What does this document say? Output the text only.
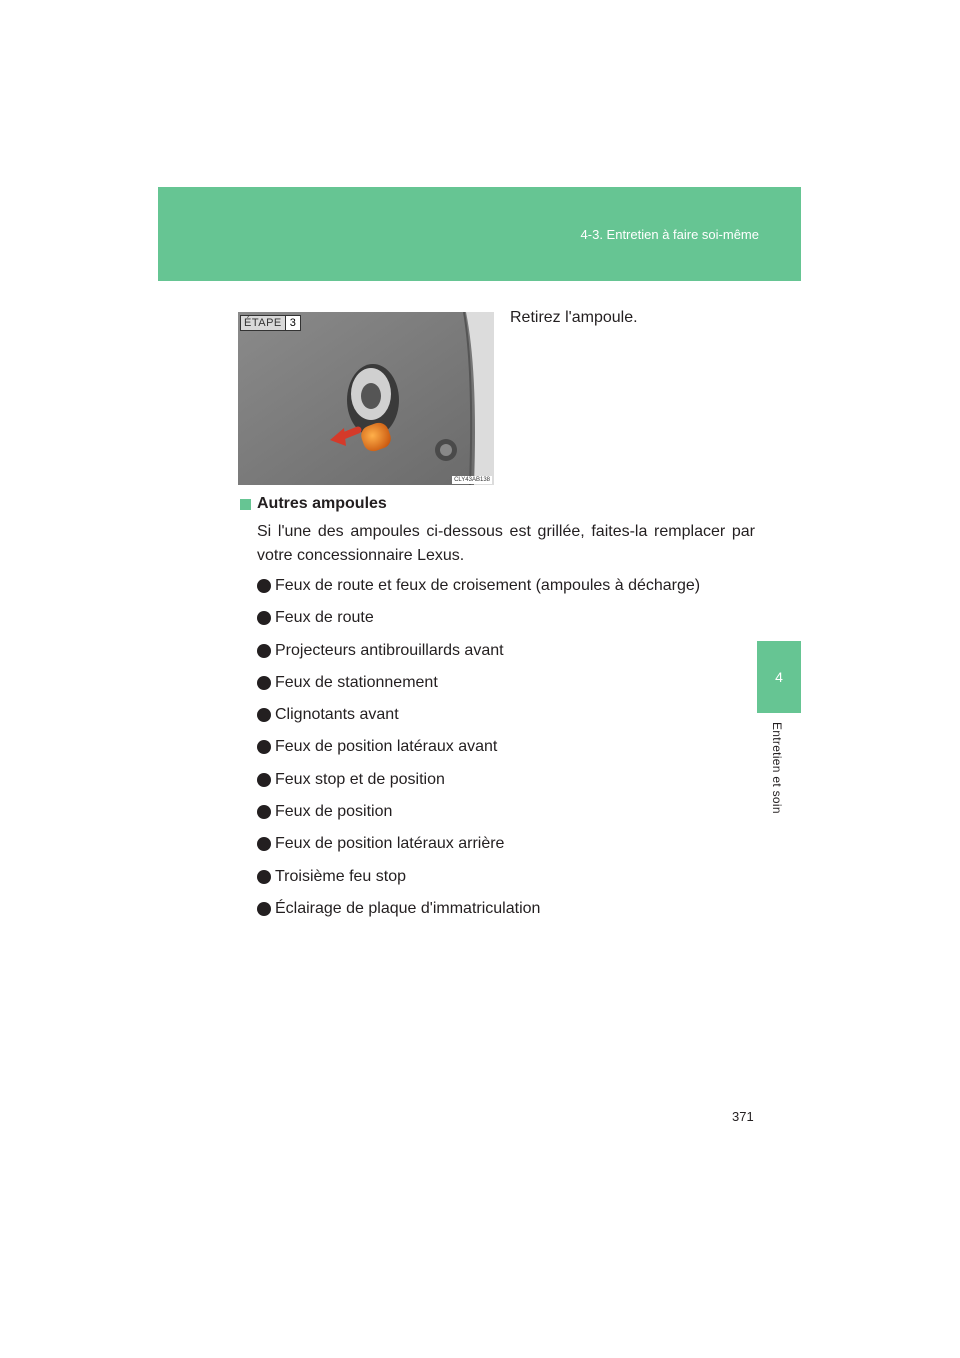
4-3. Entretien à faire soi-même
4
Entretien et soin
ÉTAPE 3
CLY43AB138
Retirez l'ampoule.
Autres ampoules
Si l'une des ampoules ci-dessous est grillée, faites-la remplacer par votre concessionnaire Lexus.
Feux de route et feux de croisement (ampoules à décharge)
Feux de route
Projecteurs antibrouillards avant
Feux de stationnement
Clignotants avant
Feux de position latéraux avant
Feux stop et de position
Feux de position
Feux de position latéraux arrière
Troisième feu stop
Éclairage de plaque d'immatriculation
371
